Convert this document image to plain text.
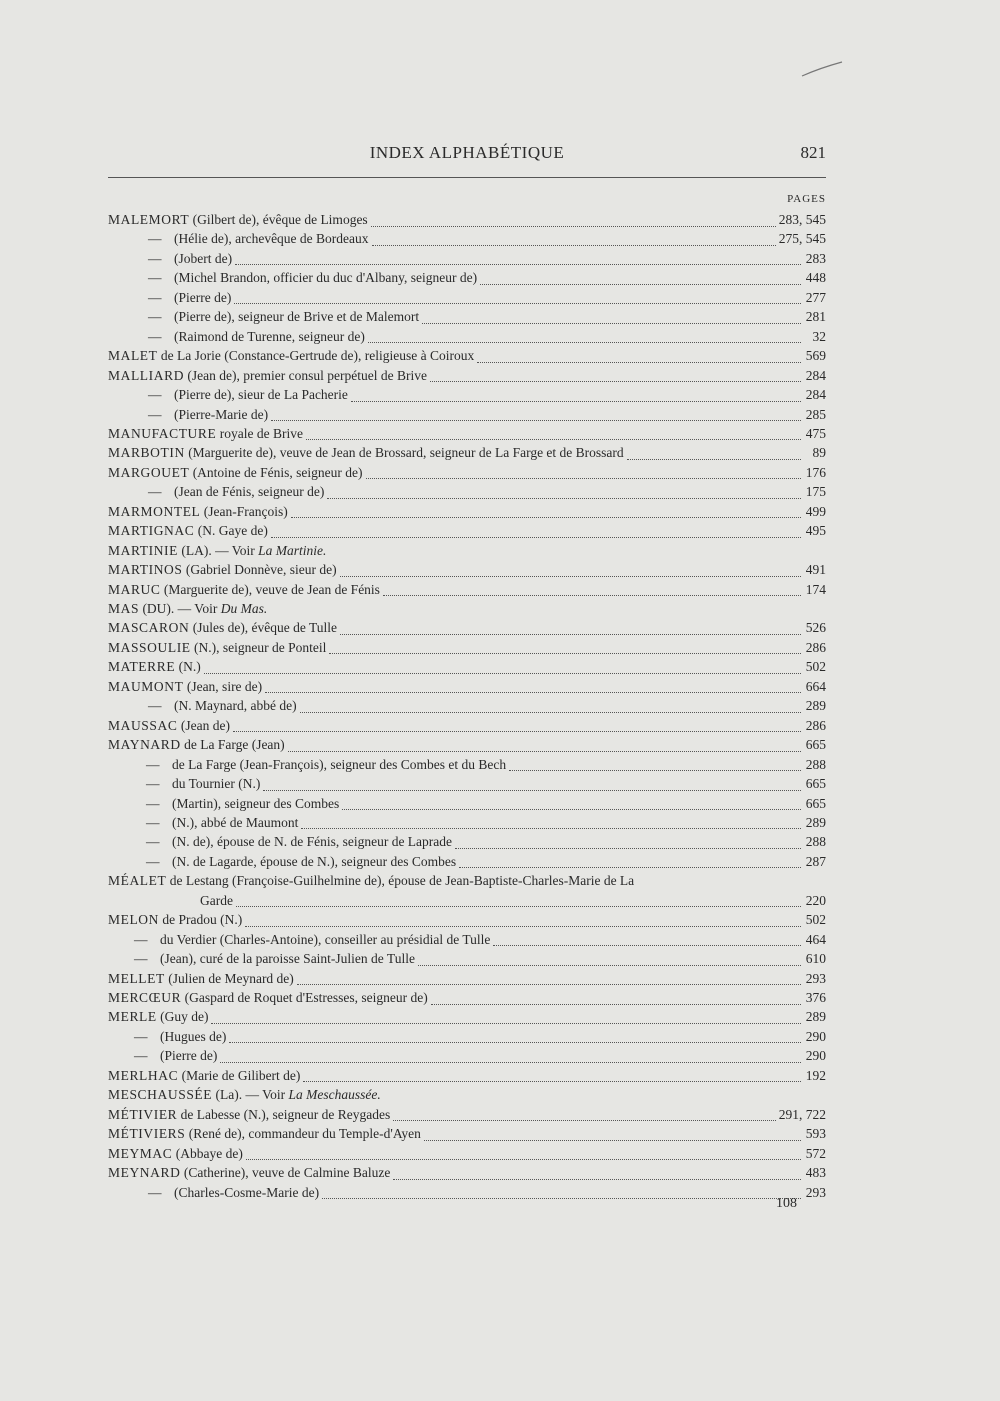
INDEX ALPHABÉTIQUE	821
PAGES
MALEMORT (Gilbert de), évêque de Limoges	283, 545
— (Hélie de), archevêque de Bordeaux	275, 545
— (Jobert de)	283
— (Michel Brandon, officier du duc d'Albany, seigneur de)	448
— (Pierre de)	277
— (Pierre de), seigneur de Brive et de Malemort	281
— (Raimond de Turenne, seigneur de)	32
MALET de La Jorie (Constance-Gertrude de), religieuse à Coiroux	569
MALLIARD (Jean de), premier consul perpétuel de Brive	284
— (Pierre de), sieur de La Pacherie	284
— (Pierre-Marie de)	285
MANUFACTURE royale de Brive	475
MARBOTIN (Marguerite de), veuve de Jean de Brossard, seigneur de La Farge et de Brossard	89
MARGOUET (Antoine de Fénis, seigneur de)	176
— (Jean de Fénis, seigneur de)	175
MARMONTEL (Jean-François)	499
MARTIGNAC (N. Gaye de)	495
MARTINIE (LA). — Voir La Martinie.
MARTINOS (Gabriel Donnève, sieur de)	491
MARUC (Marguerite de), veuve de Jean de Fénis	174
MAS (DU). — Voir Du Mas.
MASCARON (Jules de), évêque de Tulle	526
MASSOULIE (N.), seigneur de Ponteil	286
MATERRE (N.)	502
MAUMONT (Jean, sire de)	664
— (N. Maynard, abbé de)	289
MAUSSAC (Jean de)	286
MAYNARD de La Farge (Jean)	665
— de La Farge (Jean-François), seigneur des Combes et du Bech	288
— du Tournier (N.)	665
— (Martin), seigneur des Combes	665
— (N.), abbé de Maumont	289
— (N. de), épouse de N. de Fénis, seigneur de Laprade	288
— (N. de Lagarde, épouse de N.), seigneur des Combes	287
MÉALET de Lestang (Françoise-Guilhelmine de), épouse de Jean-Baptiste-Charles-Marie de La
Garde	220
MELON de Pradou (N.)	502
— du Verdier (Charles-Antoine), conseiller au présidial de Tulle	464
— (Jean), curé de la paroisse Saint-Julien de Tulle	610
MELLET (Julien de Meynard de)	293
MERCŒUR (Gaspard de Roquet d'Estresses, seigneur de)	376
MERLE (Guy de)	289
— (Hugues de)	290
— (Pierre de)	290
MERLHAC (Marie de Gilibert de)	192
MESCHAUSSÉE (La). — Voir La Meschaussée.
MÉTIVIER de Labesse (N.), seigneur de Reygades	291, 722
MÉTIVIERS (René de), commandeur du Temple-d'Ayen	593
MEYMAC (Abbaye de)	572
MEYNARD (Catherine), veuve de Calmine Baluze	483
— (Charles-Cosme-Marie de)	293
108
